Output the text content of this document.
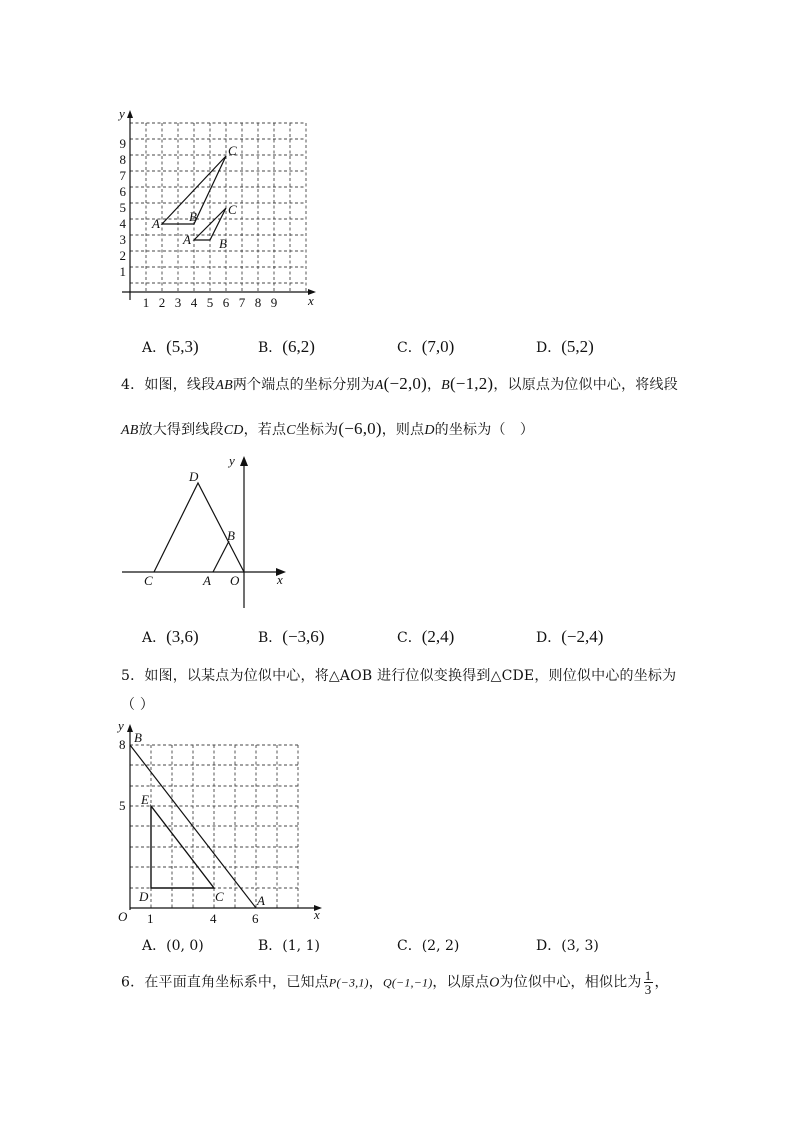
x
y
1 2 3 4 5 6 7 8 9
1
2
3
4
5
6
7
8
9
A B
C
A B
C
A．(5,3)	B．(6,2)	C．(7,0)	D．(5,2)
4．如图，线段AB两个端点的坐标分别为A(−2,0)，B(−1,2)，以原点为位似中心，将线段
AB放大得到线段CD，若点C坐标为(−6,0)，则点D的坐标为（　）
D
B
C	A O	x
y
A．(3,6)	B．(−3,6)	C．(2,4)	D．(−2,4)
5．如图，以某点为位似中心，将△AOB 进行位似变换得到△CDE，则位似中心的坐标为
（ ）
y
x
O
B
E
D	C	A
8
5
1	4	6
A．(0, 0)	B．(1, 1)	C．(2, 2)	D．(3, 3)
6．在平面直角坐标系中，已知点P(−3,1)，Q(−1,−1)，以原点O为位似中心，相似比为 $\frac{1}{3}$ ，
